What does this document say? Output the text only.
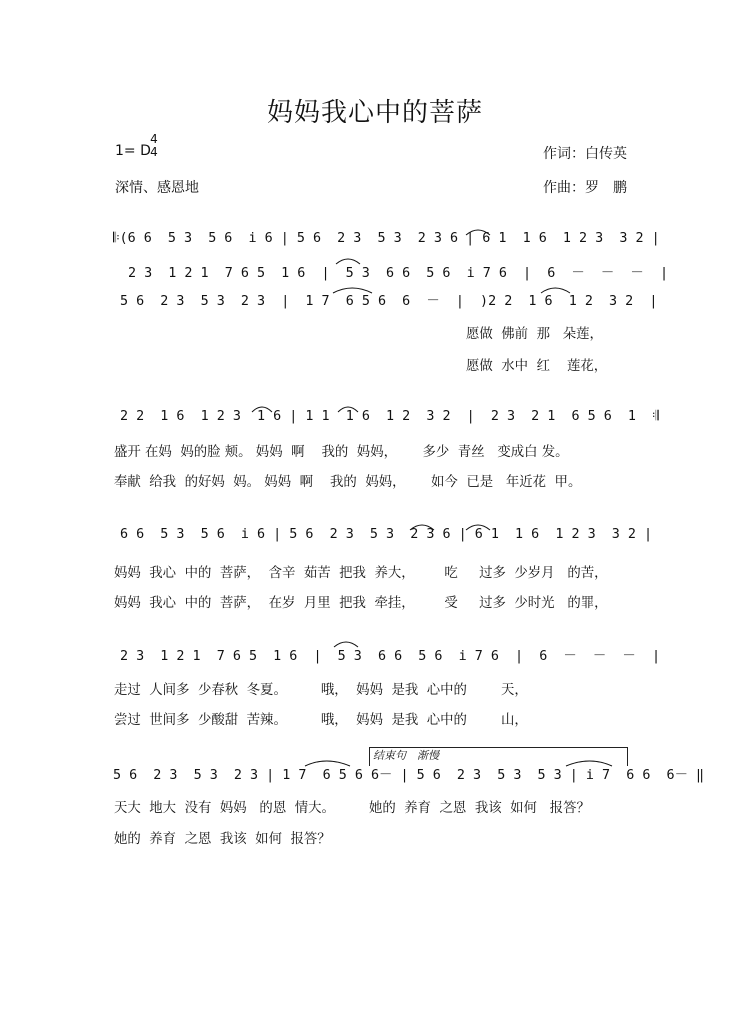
妈妈我心中的菩萨
1= D
4
4	作词：白传英
深情、感恩地	作曲：罗　鹏
𝄆(6 6  5 3  5 6  i 6 | 5 6  2 3  5 3  2 3 6 | 6 1  1 6  1 2 3  3 2 |
2 3  1 2 1  7 6 5  1 6  |  5 3  6 6  5 6  i 7 6  |  6  －  －  －  |
5 6  2 3  5 3  2 3  |  1 7  6 5 6  6  －  |  )2 2  1 6  1 2  3 2  |
愿做  佛前  那   朵莲，
愿做  水中  红    莲花，
2 2  1 6  1 2 3  1 6 | 1 1  1 6  1 2  3 2  |  2 3  2 1  6 5 6  1  𝄇
盛开 在妈  妈的脸 颊。 妈妈  啊    我的  妈妈，      多少  青丝   变成白 发。
奉献  给我  的好妈  妈。 妈妈  啊    我的  妈妈，      如今  已是   年近花  甲。
6 6  5 3  5 6  i 6 | 5 6  2 3  5 3  2 3 6 | 6 1  1 6  1 2 3  3 2 |
妈妈  我心  中的  菩萨，  含辛  茹苦  把我  养大，       吃     过多  少岁月   的苦，
妈妈  我心  中的  菩萨，  在岁  月里  把我  牵挂，       受     过多  少时光   的罪，
2 3  1 2 1  7 6 5  1 6  |  5 3  6 6  5 6  i 7 6  |  6  －  －  －  |
走过  人间多  少春秋  冬夏。        哦，  妈妈  是我  心中的        天，
尝过  世间多  少酸甜  苦辣。        哦，  妈妈  是我  心中的        山，
结束句　渐慢
5 6  2 3  5 3  2 3 | 1 7  6 5 6 6－ | 5 6  2 3  5 3  5 3 | i 7  6 6  6－ ‖
天大  地大  没有  妈妈   的恩  情大。        她的  养育  之恩  我该  如何   报答？
她的  养育  之恩  我该  如何  报答？
